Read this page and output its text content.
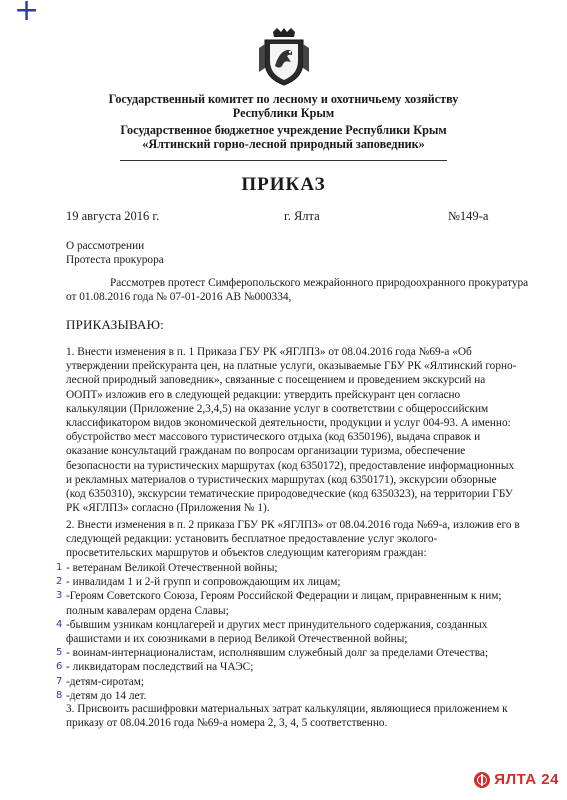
+
Государственный комитет по лесному и охотничьему хозяйству
Республики Крым
Государственное бюджетное учреждение Республики Крым
«Ялтинский горно-лесной природный заповедник»
ПРИКАЗ
19 августа 2016 г.	г. Ялта	№149-а
О рассмотрении
Протеста прокурора
Рассмотрев протест Симферопольского межрайонного природоохранного прокуратура
от 01.08.2016 года № 07-01-2016 АВ №000334,
ПРИКАЗЫВАЮ:

1. Внести изменения в п. 1 Приказа ГБУ РК «ЯГЛПЗ» от 08.04.2016 года №69-а «Об

утверждении прейскуранта цен, на платные услуги, оказываемые ГБУ РК «Ялтинский горно-

лесной природный заповедник», связанные с посещением и проведением экскурсий на

ООПТ» изложив его в следующей редакции: утвердить прейскурант цен согласно

калькуляции (Приложение 2,3,4,5) на оказание услуг в соответствии с общероссийским

классификатором видов экономической деятельности, продукции и услуг 004-93. А именно:

обустройство мест массового туристического отдыха (код 6350196), выдача справок и

оказание консультаций гражданам по вопросам организации туризма, обеспечение

безопасности на туристических маршрутах (код 6350172), предоставление информационных

и рекламных материалов о туристических маршрутах (код 6350171), экскурсии обзорные

(код 6350310), экскурсии тематические природоведческие (код 6350323), на территории ГБУ

РК «ЯГЛПЗ» согласно (Приложения № 1).

2. Внести изменения в п. 2 приказа ГБУ РК «ЯГЛПЗ» от 08.04.2016 года №69-а, изложив его в

следующей редакции: установить бесплатное предоставление услуг эколого-

просветительских маршрутов и объектов следующим категориям граждан:

1 - ветеранам Великой Отечественной войны;
2 - инвалидам 1 и 2-й групп и сопровождающим их лицам;
3 -Героям Советского Союза, Героям Российской Федерации и лицам, приравненным к ним;
полным кавалерам ордена Славы;
4 -бывшим узникам концлагерей и других мест принудительного содержания, созданных
фашистами и их союзниками в период Великой Отечественной войны;
5 - воинам-интернационалистам, исполнявшим служебный долг за пределами Отечества;
6 - ликвидаторам последствий на ЧАЭС;
7 -детям-сиротам;
8 -детям до 14 лет.

3. Присвоить расшифровки материальных затрат калькуляции, являющиеся приложением к

приказу от 08.04.2016 года №69-а номера 2, 3, 4, 5 соответственно.

ЯЛТА 24
